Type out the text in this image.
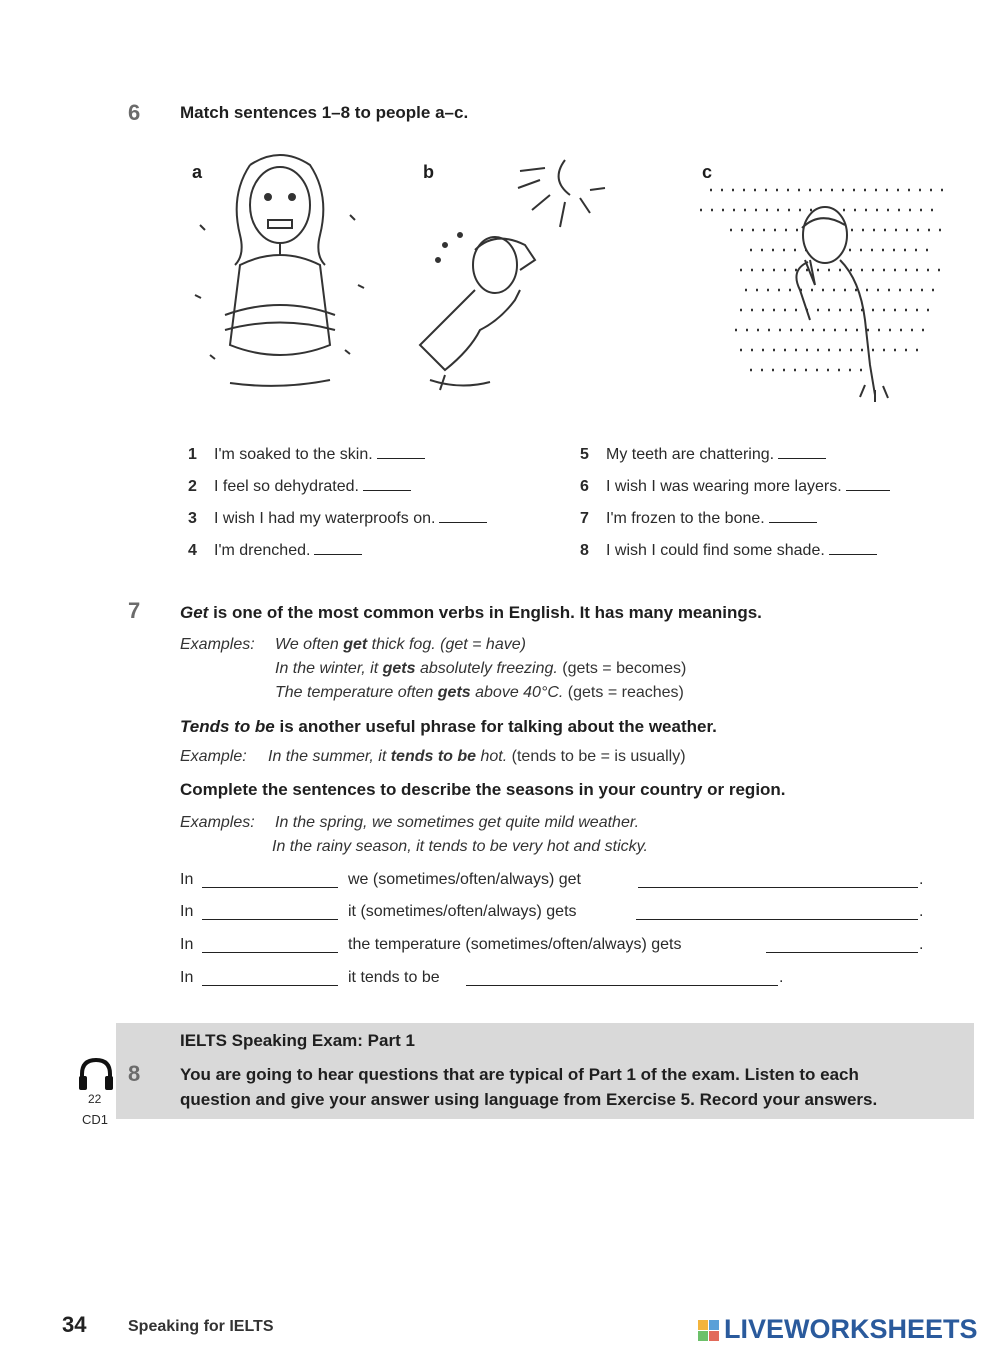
6 Match sentences 1–8 to people a–c.
a	b	c
1 I'm soaked to the skin.
2 I feel so dehydrated.
3 I wish I had my waterproofs on.
4 I'm drenched.
5 My teeth are chattering.
6 I wish I was wearing more layers.
7 I'm frozen to the bone.
8 I wish I could find some shade.
7 Get is one of the most common verbs in English. It has many meanings.
Examples: We often get thick fog. (get = have)
In the winter, it gets absolutely freezing. (gets = becomes)
The temperature often gets above 40°C. (gets = reaches)
Tends to be is another useful phrase for talking about the weather.
Example: In the summer, it tends to be hot. (tends to be = is usually)
Complete the sentences to describe the seasons in your country or region.
Examples: In the spring, we sometimes get quite mild weather.
In the rainy season, it tends to be very hot and sticky.
In	we (sometimes/often/always) get	.
In	it (sometimes/often/always) gets	.
In	the temperature (sometimes/often/always) gets	.
In	it tends to be	.
IELTS Speaking Exam: Part 1
8 You are going to hear questions that are typical of Part 1 of the exam. Listen to each
question and give your answer using language from Exercise 5. Record your answers.
22
CD1
34	Speaking for IELTS	LIVEWORKSHEETS
